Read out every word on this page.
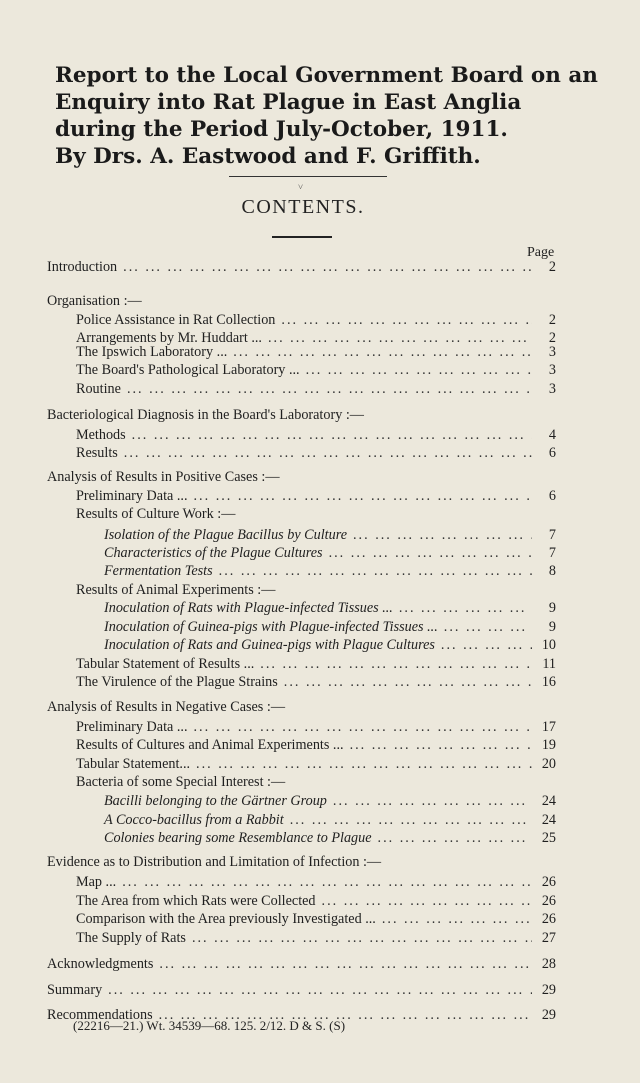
Report to the Local Government Board on an
Enquiry into Rat Plague in East Anglia
during the Period July-October, 1911.
By Drs. A. Eastwood and F. Griffith.
˅
CONTENTS.
Page
Introduction ... .	2
Organisation :—
Police Assistance in Rat Collection ... .	2
Arrangements by Mr. Huddart ... ... .	2
The Ipswich Laboratory ... ... .	3
The Board's Pathological Laboratory ... ... .	3
Routine ... .	3
Bacteriological Diagnosis in the Board's Laboratory :—
Methods ... .	4
Results ... .	6
Analysis of Results in Positive Cases :—
Preliminary Data ... ... .	6
Results of Culture Work :—
Isolation of the Plague Bacillus by Culture ... .	7
Characteristics of the Plague Cultures ... .	7
Fermentation Tests ... .	8
Results of Animal Experiments :—
Inoculation of Rats with Plague-infected Tissues ... ... .	9
Inoculation of Guinea-pigs with Plague-infected Tissues ... ... .	9
Inoculation of Rats and Guinea-pigs with Plague Cultures ... .	10
Tabular Statement of Results ... ... .	11
The Virulence of the Plague Strains ... .	16
Analysis of Results in Negative Cases :—
Preliminary Data ... ... .	17
Results of Cultures and Animal Experiments ... ... .	19
Tabular Statement... ... .	20
Bacteria of some Special Interest :—
Bacilli belonging to the Gärtner Group ... .	24
A Cocco-bacillus from a Rabbit ... .	24
Colonies bearing some Resemblance to Plague ... .	25
Evidence as to Distribution and Limitation of Infection :—
Map ... ... .	26
The Area from which Rats were Collected ... .	26
Comparison with the Area previously Investigated ... ... .	26
The Supply of Rats ... .	27
Acknowledgments ... .	28
Summary ... .	29
Recommendations ... .	29
(22216—21.) Wt. 34539—68. 125. 2/12. D & S. (S)
